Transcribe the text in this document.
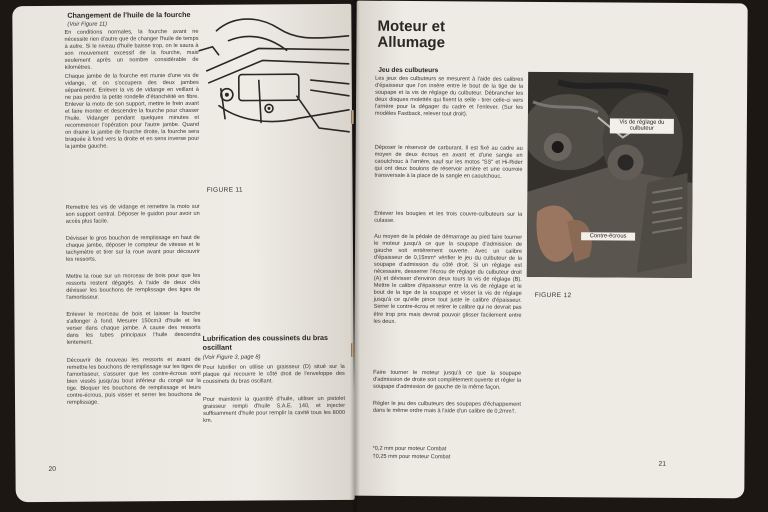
Changement de l'huile de la fourche

(Voir Figure 11)

En conditions normales, la fourche avant ne nécessite rien d'autre que de changer l'huile de temps à autre. Si le niveau d'huile baisse trop, on le saura à son mouvement excessif de la fourche, mais seulement après un nombre considérable de kilomètres.

Chaque jambe de la fourche est munie d'une vis de vidange, et on s'occupera des deux jambes séparément. Enlever la vis de vidange en veillant à ne pas perdre la petite rondelle d'étanchéité en fibre. Enlever la moto de son support, mettre le frein avant et faire monter et descendre la fourche pour chasser l'huile. Vidanger pendant quelques minutes et recommencer l'opération pour l'autre jambe. Quand on draine la jambe de fourche droite, la fourche sera braquée à fond vers la droite et en sens inverse pour la jambe gauche.

Remettre les vis de vidange et remettre la moto sur son support central. Déposer le guidon pour avoir un accès plus facile.

Dévisser le gros bouchon de remplissage en haut de chaque jambe, déposer le compteur de vitesse et le tachymètre et tirer sur la roue avant pour découvrir les ressorts.

Mettre la roue sur un morceau de bois pour que les ressorts restent dégagés. A l'aide de deux clés dévisser les bouchons de remplissage des tiges de l'amortisseur.

Enlever le morceau de bois et laisser la fourche s'allonger à fond. Mesurer 150cm3 d'huile et les verser dans chaque jambe. A cause des ressorts dans les tubes principaux l'huile descendra lentement.

Découvrir de nouveau les ressorts et avant de remettre les bouchons de remplissage sur les tiges de l'amortisseur, s'assurer que les contre-écrous sont bien vissés jusqu'au bout inférieur du congé sur la tige. Bloquer les bouchons de remplissage et leurs contre-écrous, puis visser et serrer les bouchons de remplissage.

FIGURE 11

Lubrification des coussinets du bras oscillant

(Voir Figure 3, page 8)

Pour lubrifier on utilise un graisseur (D) situé sur la plaque qui recouvre le côté droit de l'enveloppe des coussinets du bras oscillant.

Pour maintenir la quantité d'huile, utiliser un pistolet graisseur rempli d'huile S.A.E. 140, et injecter suffisamment d'huile pour remplir la cavité tous les 8000 km.

20

Moteur et
Allumage

Jeu des culbuteurs

Les jeux des culbuteurs se mesurent à l'aide des calibres d'épaisseur que l'on insère entre le bout de la tige de la soupape et la vis de réglage du culbuteur. Débrancher les deux disques molettés qui fixent la selle - tirer celle-ci vers l'arrière pour la dégager du cadre et l'enlever. (Sur les modèles Fastback, relever tout droit).

Déposer le réservoir de carburant. Il est fixé au cadre au moyen de deux écrous en avant et d'une sangle en caoutchouc à l'arrière, sauf sur les motos "SS" et Hi-Rider qui ont deux boulons de réservoir arrière et une courroie transversale à la place de la sangle en caoutchouc.

Enlever les bougies et les trois couvre-culbuteurs sur la culasse.

Au moyen de la pédale de démarrage au pied faire tourner le moteur jusqu'à ce que la soupape d'admission de gauche soit entièrement ouverte. Avec un calibre d'épaisseur de 0,15mm* vérifier le jeu du culbuteur de la soupape d'admission du côté droit. Si un réglage est nécessaire, desserrer l'écrou de réglage du culbuteur droit (A) et dévisser d'environ deux tours la vis de réglage (B). Mettre le calibre d'épaisseur entre la vis de réglage et le bout de la tige de la soupape et visser la vis de réglage jusqu'à ce qu'elle pince tout juste le calibre d'épaisseur. Serrer le contre-écrou et retirer le calibre qui ne devrait pas être trop pris mais devrait pouvoir glisser facilement entre les deux.

Faire tourner le moteur jusqu'à ce que la soupape d'admission de droite soit complètement ouverte et régler la soupape d'admission de gauche de la même façon.

Régler le jeu des culbuteurs des soupapes d'échappement dans le même ordre mais à l'aide d'un calibre de 0,2mm†.

*0,2 mm pour moteur Combat

†0,25 mm pour moteur Combat

Vis de réglage du culbuteur
Contre-écrous
FIGURE 12
21
